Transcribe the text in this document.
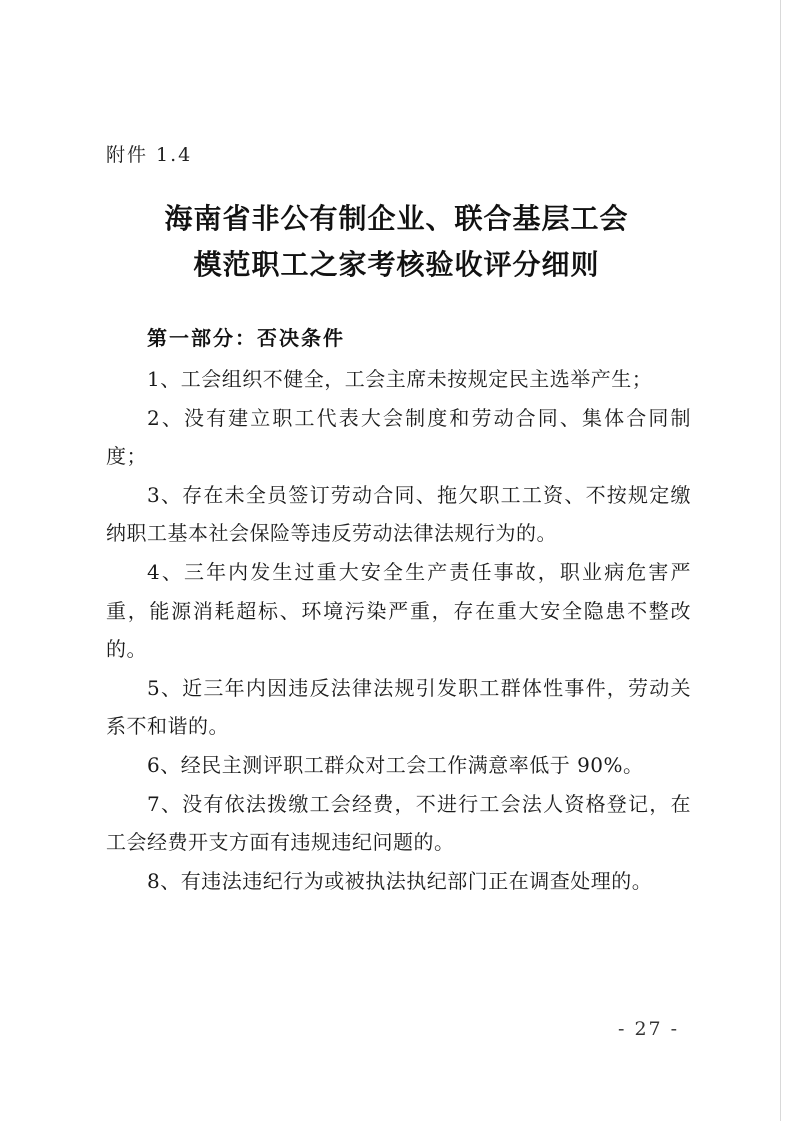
附件 1.4
海南省非公有制企业、联合基层工会
模范职工之家考核验收评分细则
第一部分：否决条件

1、工会组织不健全，工会主席未按规定民主选举产生；

2、没有建立职工代表大会制度和劳动合同、集体合同制度；

3、存在未全员签订劳动合同、拖欠职工工资、不按规定缴纳职工基本社会保险等违反劳动法律法规行为的。

4、三年内发生过重大安全生产责任事故，职业病危害严重，能源消耗超标、环境污染严重，存在重大安全隐患不整改的。

5、近三年内因违反法律法规引发职工群体性事件，劳动关系不和谐的。

6、经民主测评职工群众对工会工作满意率低于 90%。

7、没有依法拨缴工会经费，不进行工会法人资格登记，在工会经费开支方面有违规违纪问题的。

8、有违法违纪行为或被执法执纪部门正在调查处理的。

- 27 -
